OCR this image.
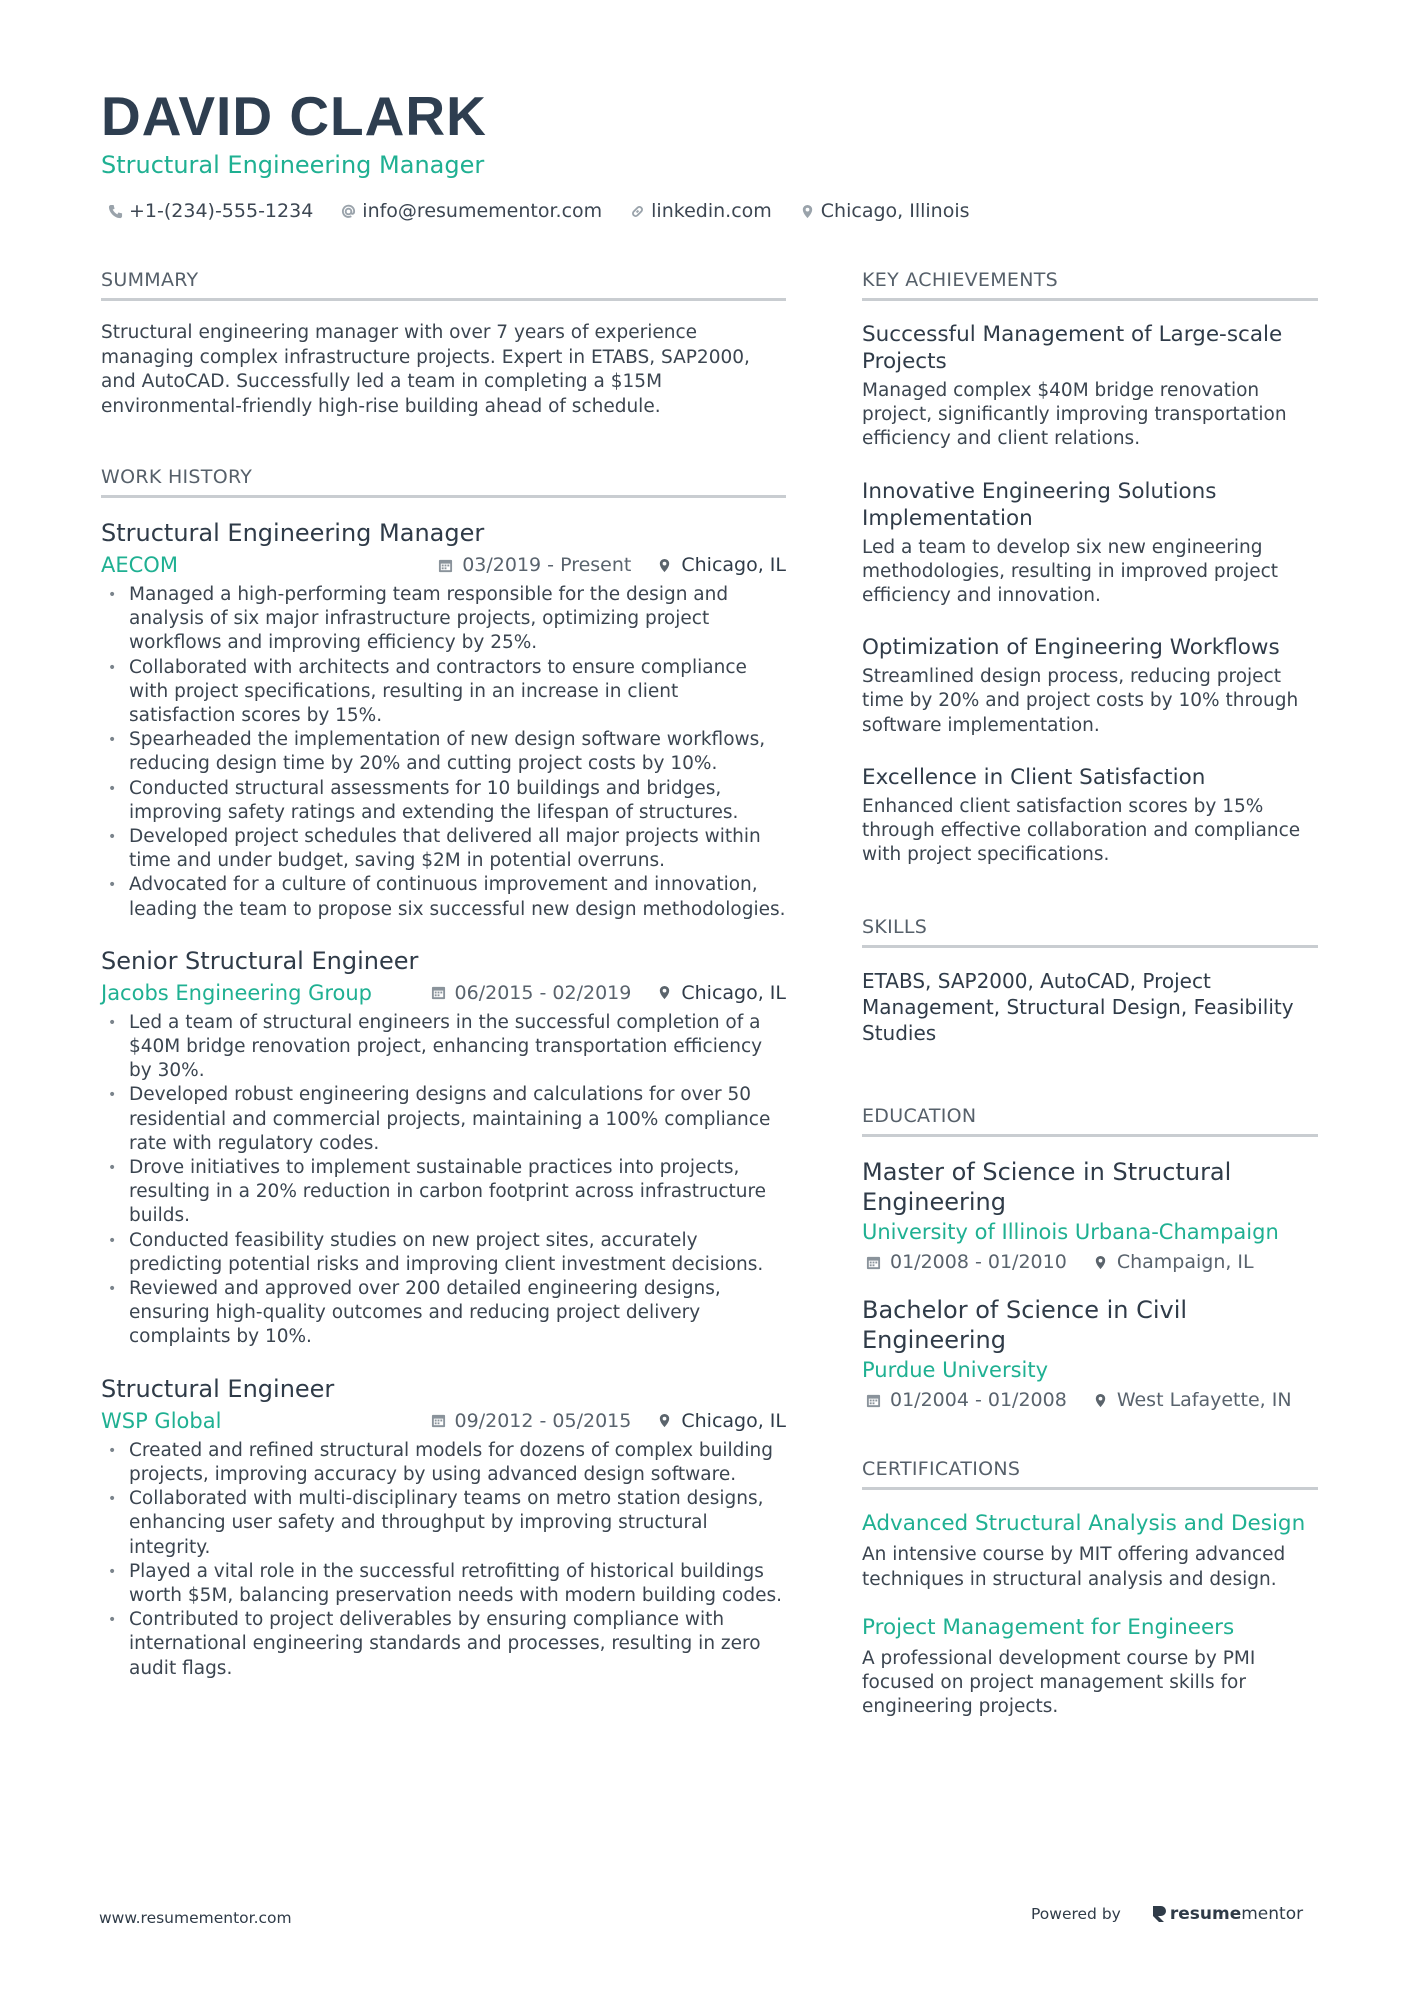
DAVID CLARK
Structural Engineering Manager
+1-(234)-555-1234	info@resumementor.com	linkedin.com	Chicago, Illinois
SUMMARY

Structural engineering manager with over 7 years of experience managing complex infrastructure projects. Expert in ETABS, SAP2000, and AutoCAD. Successfully led a team in completing a $15M environmental-friendly high-rise building ahead of schedule.

WORK HISTORY
Structural Engineering Manager
AECOM	03/2019 - Present	Chicago, IL
• Managed a high-performing team responsible for the design and analysis of six major infrastructure projects, optimizing project workflows and improving efficiency by 25%.
• Collaborated with architects and contractors to ensure compliance with project specifications, resulting in an increase in client satisfaction scores by 15%.
• Spearheaded the implementation of new design software workflows, reducing design time by 20% and cutting project costs by 10%.
• Conducted structural assessments for 10 buildings and bridges, improving safety ratings and extending the lifespan of structures.
• Developed project schedules that delivered all major projects within time and under budget, saving $2M in potential overruns.
• Advocated for a culture of continuous improvement and innovation, leading the team to propose six successful new design methodologies.
Senior Structural Engineer
Jacobs Engineering Group	06/2015 - 02/2019	Chicago, IL
• Led a team of structural engineers in the successful completion of a $40M bridge renovation project, enhancing transportation efficiency by 30%.
• Developed robust engineering designs and calculations for over 50 residential and commercial projects, maintaining a 100% compliance rate with regulatory codes.
• Drove initiatives to implement sustainable practices into projects, resulting in a 20% reduction in carbon footprint across infrastructure builds.
• Conducted feasibility studies on new project sites, accurately predicting potential risks and improving client investment decisions.
• Reviewed and approved over 200 detailed engineering designs, ensuring high-quality outcomes and reducing project delivery complaints by 10%.
Structural Engineer
WSP Global	09/2012 - 05/2015	Chicago, IL
• Created and refined structural models for dozens of complex building projects, improving accuracy by using advanced design software.
• Collaborated with multi-disciplinary teams on metro station designs, enhancing user safety and throughput by improving structural integrity.
• Played a vital role in the successful retrofitting of historical buildings worth $5M, balancing preservation needs with modern building codes.
• Contributed to project deliverables by ensuring compliance with international engineering standards and processes, resulting in zero audit flags.
KEY ACHIEVEMENTS
Successful Management of Large-scale Projects
Managed complex $40M bridge renovation project, significantly improving transportation efficiency and client relations.
Innovative Engineering Solutions Implementation
Led a team to develop six new engineering methodologies, resulting in improved project efficiency and innovation.
Optimization of Engineering Workflows
Streamlined design process, reducing project time by 20% and project costs by 10% through software implementation.
Excellence in Client Satisfaction
Enhanced client satisfaction scores by 15% through effective collaboration and compliance with project specifications.
SKILLS
ETABS, SAP2000, AutoCAD, Project Management, Structural Design, Feasibility Studies
EDUCATION
Master of Science in Structural Engineering
University of Illinois Urbana-Champaign
01/2008 - 01/2010	Champaign, IL
Bachelor of Science in Civil Engineering
Purdue University
01/2004 - 01/2008	West Lafayette, IN
CERTIFICATIONS
Advanced Structural Analysis and Design
An intensive course by MIT offering advanced techniques in structural analysis and design.
Project Management for Engineers
A professional development course by PMI focused on project management skills for engineering projects.
www.resumementor.com	Powered by	resume mentor
